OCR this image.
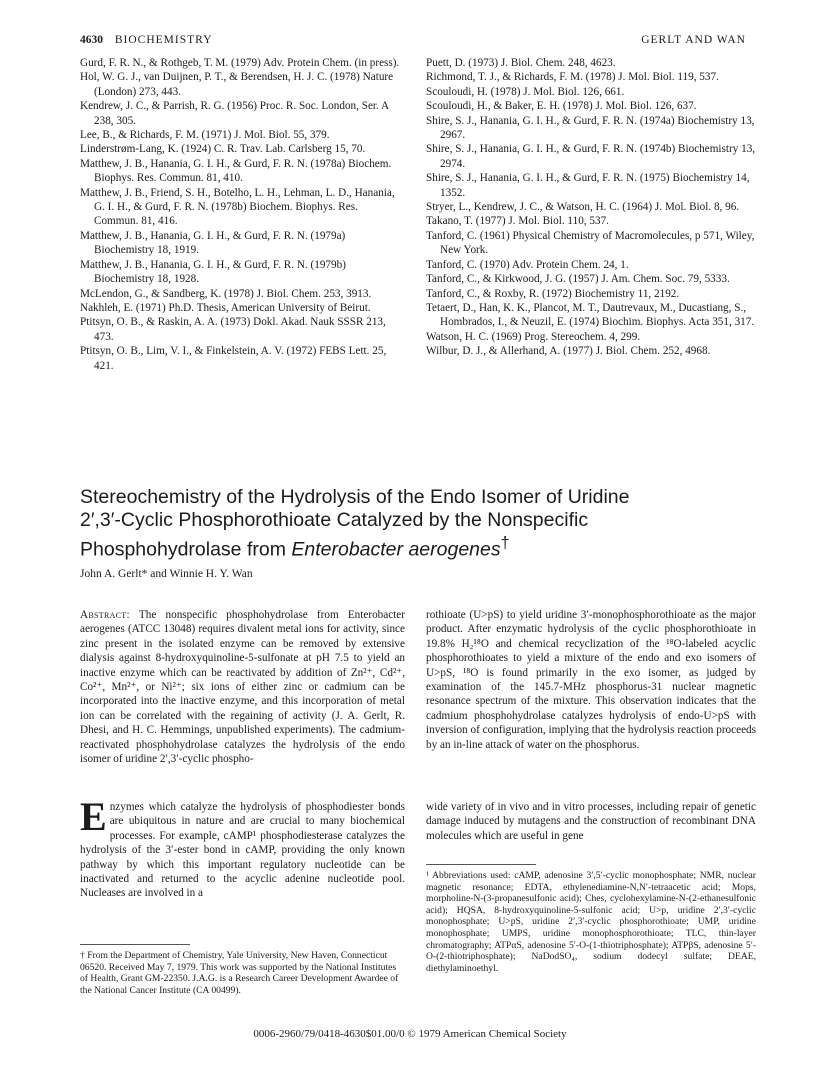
4630 BIOCHEMISTRY	GERLT AND WAN

Gurd, F. R. N., & Rothgeb, T. M. (1979) Adv. Protein Chem. (in press).

Hol, W. G. J., van Duijnen, P. T., & Berendsen, H. J. C. (1978) Nature (London) 273, 443.

Kendrew, J. C., & Parrish, R. G. (1956) Proc. R. Soc. London, Ser. A 238, 305.

Lee, B., & Richards, F. M. (1971) J. Mol. Biol. 55, 379.

Linderstrøm-Lang, K. (1924) C. R. Trav. Lab. Carlsberg 15, 70.

Matthew, J. B., Hanania, G. I. H., & Gurd, F. R. N. (1978a) Biochem. Biophys. Res. Commun. 81, 410.

Matthew, J. B., Friend, S. H., Botelho, L. H., Lehman, L. D., Hanania, G. I. H., & Gurd, F. R. N. (1978b) Biochem. Biophys. Res. Commun. 81, 416.

Matthew, J. B., Hanania, G. I. H., & Gurd, F. R. N. (1979a) Biochemistry 18, 1919.

Matthew, J. B., Hanania, G. I. H., & Gurd, F. R. N. (1979b) Biochemistry 18, 1928.

McLendon, G., & Sandberg, K. (1978) J. Biol. Chem. 253, 3913.

Nakhleh, E. (1971) Ph.D. Thesis, American University of Beirut.

Ptitsyn, O. B., & Raskin, A. A. (1973) Dokl. Akad. Nauk SSSR 213, 473.

Ptitsyn, O. B., Lim, V. I., & Finkelstein, A. V. (1972) FEBS Lett. 25, 421.

Puett, D. (1973) J. Biol. Chem. 248, 4623.

Richmond, T. J., & Richards, F. M. (1978) J. Mol. Biol. 119, 537.

Scouloudi, H. (1978) J. Mol. Biol. 126, 661.

Scouloudi, H., & Baker, E. H. (1978) J. Mol. Biol. 126, 637.

Shire, S. J., Hanania, G. I. H., & Gurd, F. R. N. (1974a) Biochemistry 13, 2967.

Shire, S. J., Hanania, G. I. H., & Gurd, F. R. N. (1974b) Biochemistry 13, 2974.

Shire, S. J., Hanania, G. I. H., & Gurd, F. R. N. (1975) Biochemistry 14, 1352.

Stryer, L., Kendrew, J. C., & Watson, H. C. (1964) J. Mol. Biol. 8, 96.

Takano, T. (1977) J. Mol. Biol. 110, 537.

Tanford, C. (1961) Physical Chemistry of Macromolecules, p 571, Wiley, New York.

Tanford, C. (1970) Adv. Protein Chem. 24, 1.

Tanford, C., & Kirkwood, J. G. (1957) J. Am. Chem. Soc. 79, 5333.

Tanford, C., & Roxby, R. (1972) Biochemistry 11, 2192.

Tetaert, D., Han, K. K., Plancot, M. T., Dautrevaux, M., Ducastiang, S., Hombrados, I., & Neuzil, E. (1974) Biochim. Biophys. Acta 351, 317.

Watson, H. C. (1969) Prog. Stereochem. 4, 299.

Wilbur, D. J., & Allerhand, A. (1977) J. Biol. Chem. 252, 4968.

Stereochemistry of the Hydrolysis of the Endo Isomer of Uridine
2′,3′-Cyclic Phosphorothioate Catalyzed by the Nonspecific
Phosphohydrolase from Enterobacter aerogenes†
John A. Gerlt* and Winnie H. Y. Wan
Abstract: The nonspecific phosphohydrolase from Enterobacter aerogenes (ATCC 13048) requires divalent metal ions for activity, since zinc present in the isolated enzyme can be removed by extensive dialysis against 8-hydroxyquinoline-5-sulfonate at pH 7.5 to yield an inactive enzyme which can be reactivated by addition of Zn²⁺, Cd²⁺, Co²⁺, Mn²⁺, or Ni²⁺; six ions of either zinc or cadmium can be incorporated into the inactive enzyme, and this incorporation of metal ion can be correlated with the regaining of activity (J. A. Gerlt, R. Dhesi, and H. C. Hemmings, unpublished experiments). The cadmium-reactivated phosphohydrolase catalyzes the hydrolysis of the endo isomer of uridine 2′,3′-cyclic phospho-
rothioate (U>pS) to yield uridine 3′-monophosphorothioate as the major product. After enzymatic hydrolysis of the cyclic phosphorothioate in 19.8% H₂¹⁸O and chemical recyclization of the ¹⁸O-labeled acyclic phosphorothioates to yield a mixture of the endo and exo isomers of U>pS, ¹⁸O is found primarily in the exo isomer, as judged by examination of the 145.7-MHz phosphorus-31 nuclear magnetic resonance spectrum of the mixture. This observation indicates that the cadmium phosphohydrolase catalyzes hydrolysis of endo-U>pS with inversion of configuration, implying that the hydrolysis reaction proceeds by an in-line attack of water on the phosphorus.
Enzymes which catalyze the hydrolysis of phosphodiester bonds are ubiquitous in nature and are crucial to many biochemical processes. For example, cAMP¹ phosphodiesterase catalyzes the hydrolysis of the 3′-ester bond in cAMP, providing the only known pathway by which this important regulatory nucleotide can be inactivated and returned to the acyclic adenine nucleotide pool. Nucleases are involved in a
wide variety of in vivo and in vitro processes, including repair of genetic damage induced by mutagens and the construction of recombinant DNA molecules which are useful in gene
† From the Department of Chemistry, Yale University, New Haven, Connecticut 06520. Received May 7, 1979. This work was supported by the National Institutes of Health, Grant GM-22350. J.A.G. is a Research Career Development Awardee of the National Cancer Institute (CA 00499).
¹ Abbreviations used: cAMP, adenosine 3′,5′-cyclic monophosphate; NMR, nuclear magnetic resonance; EDTA, ethylenediamine-N,N′-tetraacetic acid; Mops, morpholine-N-(3-propanesulfonic acid); Ches, cyclohexylamine-N-(2-ethanesulfonic acid); HQSA, 8-hydroxyquinoline-5-sulfonic acid; U>p, uridine 2′,3′-cyclic monophosphate; U>pS, uridine 2′,3′-cyclic phosphorothioate; UMP, uridine monophosphate; UMPS, uridine monophosphorothioate; TLC, thin-layer chromatography; ATPαS, adenosine 5′-O-(1-thiotriphosphate); ATPβS, adenosine 5′-O-(2-thiotriphosphate); NaDodSO₄, sodium dodecyl sulfate; DEAE, diethylaminoethyl.
0006-2960/79/0418-4630$01.00/0 © 1979 American Chemical Society
